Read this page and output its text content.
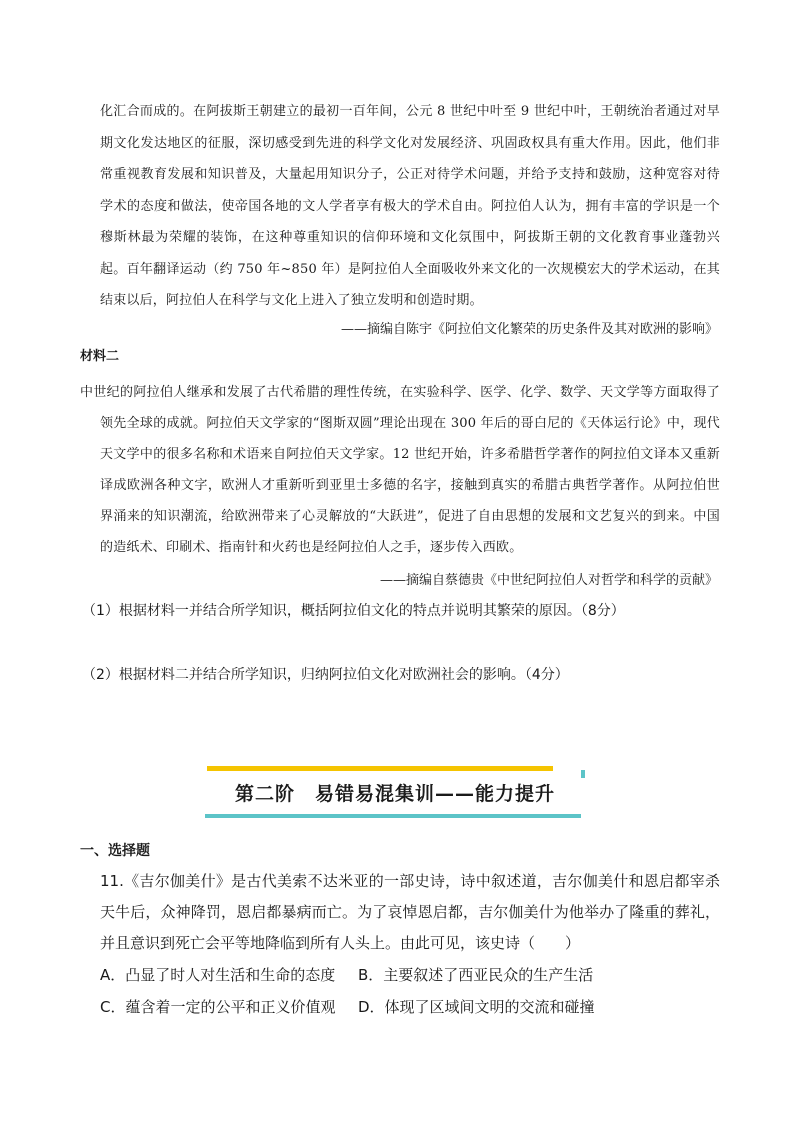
化汇合而成的。在阿拔斯王朝建立的最初一百年间，公元 8 世纪中叶至 9 世纪中叶，王朝统治者通过对早期文化发达地区的征服，深切感受到先进的科学文化对发展经济、巩固政权具有重大作用。因此，他们非常重视教育发展和知识普及，大量起用知识分子，公正对待学术问题，并给予支持和鼓励，这种宽容对待学术的态度和做法，使帝国各地的文人学者享有极大的学术自由。阿拉伯人认为，拥有丰富的学识是一个穆斯林最为荣耀的装饰，在这种尊重知识的信仰环境和文化氛围中，阿拔斯王朝的文化教育事业蓬勃兴起。百年翻译运动（约 750 年~850 年）是阿拉伯人全面吸收外来文化的一次规模宏大的学术运动，在其结束以后，阿拉伯人在科学与文化上进入了独立发明和创造时期。

——摘编自陈宇《阿拉伯文化繁荣的历史条件及其对欧洲的影响》
材料二

中世纪的阿拉伯人继承和发展了古代希腊的理性传统，在实验科学、医学、化学、数学、天文学等方面取得了领先全球的成就。阿拉伯天文学家的“图斯双圆”理论出现在 300 年后的哥白尼的《天体运行论》中，现代天文学中的很多名称和术语来自阿拉伯天文学家。12 世纪开始，许多希腊哲学著作的阿拉伯文译本又重新译成欧洲各种文字，欧洲人才重新听到亚里士多德的名字，接触到真实的希腊古典哲学著作。从阿拉伯世界涌来的知识潮流，给欧洲带来了心灵解放的“大跃进”，促进了自由思想的发展和文艺复兴的到来。中国的造纸术、印刷术、指南针和火药也是经阿拉伯人之手，逐步传入西欧。

——摘编自蔡德贵《中世纪阿拉伯人对哲学和科学的贡献》
（1）根据材料一并结合所学知识，概括阿拉伯文化的特点并说明其繁荣的原因。（8分）
（2）根据材料二并结合所学知识，归纳阿拉伯文化对欧洲社会的影响。（4分）
第二阶　易错易混集训——能力提升
一、选择题

11.《吉尔伽美什》是古代美索不达米亚的一部史诗，诗中叙述道，吉尔伽美什和恩启都宰杀天牛后，众神降罚，恩启都暴病而亡。为了哀悼恩启都，吉尔伽美什为他举办了隆重的葬礼，并且意识到死亡会平等地降临到所有人头上。由此可见，该史诗（　　）

A．凸显了时人对生活和生命的态度 B．主要叙述了西亚民众的生产生活
C．蕴含着一定的公平和正义价值观 D．体现了区域间文明的交流和碰撞
